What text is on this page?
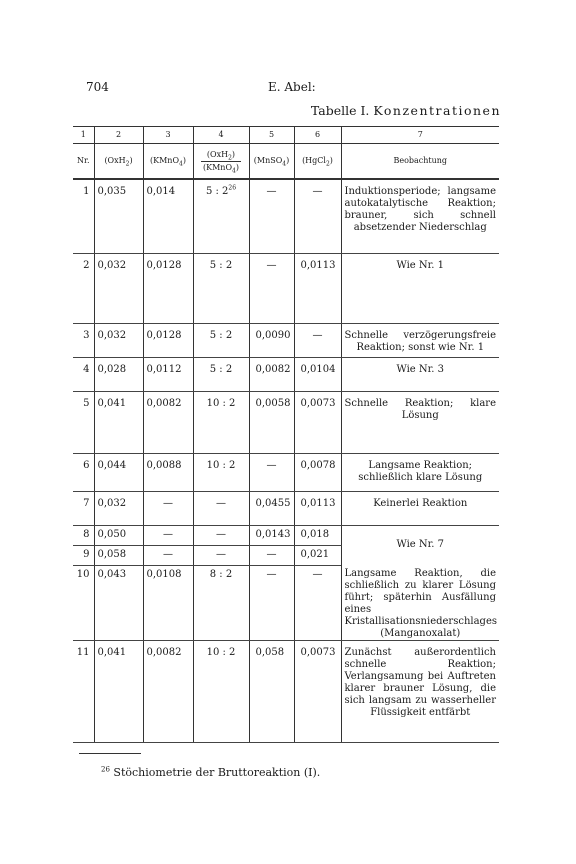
704	E. Abel:
Tabelle I. Konzentrationen
1	2	3	4	5	6	7
Nr.	(OxH$_2$)	(KMnO$_4$)	$\frac{(OxH_2)}{(KMnO_4)}$	(MnSO$_4$)	(HgCl$_2$)	Beobachtung
1	0,035	0,014	5 : $2^{26}$	—	—	Induktionsperiode; langsame autokatalytische Reaktion; brauner, sich schnell absetzender Niederschlag
2	0,032	0,0128	5 : 2	—	0,0113	Wie Nr. 1
3	0,032	0,0128	5 : 2	0,0090	—	Schnelle verzögerungsfreie Reaktion; sonst wie Nr. 1
4	0,028	0,0112	5 : 2	0,0082	0,0104	Wie Nr. 3
5	0,041	0,0082	10 : 2	0,0058	0,0073	Schnelle Reaktion; klare Lösung
6	0,044	0,0088	10 : 2	—	0,0078	Langsame Reaktion; schließlich klare Lösung
7	0,032	—	—	0,0455	0,0113	Keinerlei Reaktion
8	0,050	—	—	0,0143	0,018	Wie Nr. 7
9	0,058	—	—	—	0,021	
10	0,043	0,0108	8 : 2	—	—	Langsame Reaktion, die schließlich zu klarer Lösung führt; späterhin Ausfällung eines Kristallisationsniederschlages (Manganoxalat)
11	0,041	0,0082	10 : 2	0,058	0,0073	Zunächst außerordentlich schnelle Reaktion; Verlangsamung bei Auftreten klarer brauner Lösung, die sich langsam zu wasserheller Flüssigkeit entfärbt
$^{26}$ Stöchiometrie der Bruttoreaktion (I).
